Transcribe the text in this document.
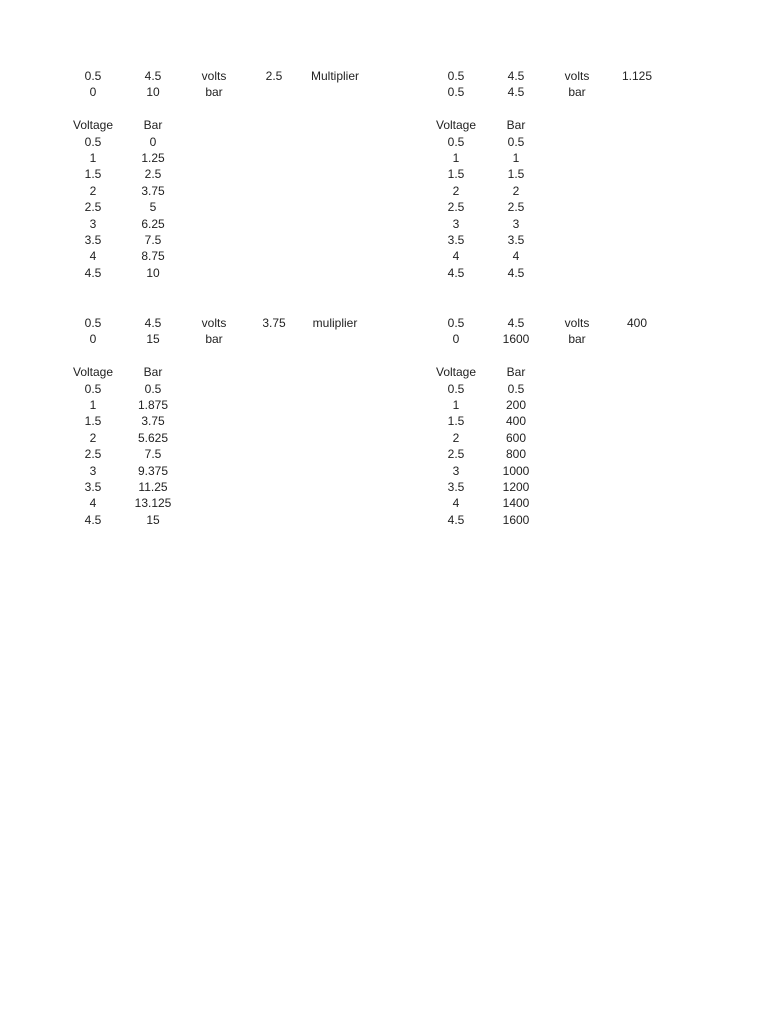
0.5	4.5	volts	2.5 Multiplier
0	10	bar
Voltage	Bar
0.5	0
1	1.25
1.5	2.5
2	3.75
2.5	5
3	6.25
3.5	7.5
4	8.75
4.5	10
0.5	4.5	volts	1.125
0.5	4.5	bar
Voltage	Bar
0.5	0.5
1	1
1.5	1.5
2	2
2.5	2.5
3	3
3.5	3.5
4	4
4.5	4.5
0.5	4.5	volts	3.75 muliplier
0	15	bar
Voltage	Bar
0.5	0.5
1	1.875
1.5	3.75
2	5.625
2.5	7.5
3	9.375
3.5	11.25
4	13.125
4.5	15
0.5	4.5	volts	400
0	1600	bar
Voltage	Bar
0.5	0.5
1	200
1.5	400
2	600
2.5	800
3	1000
3.5	1200
4	1400
4.5	1600
